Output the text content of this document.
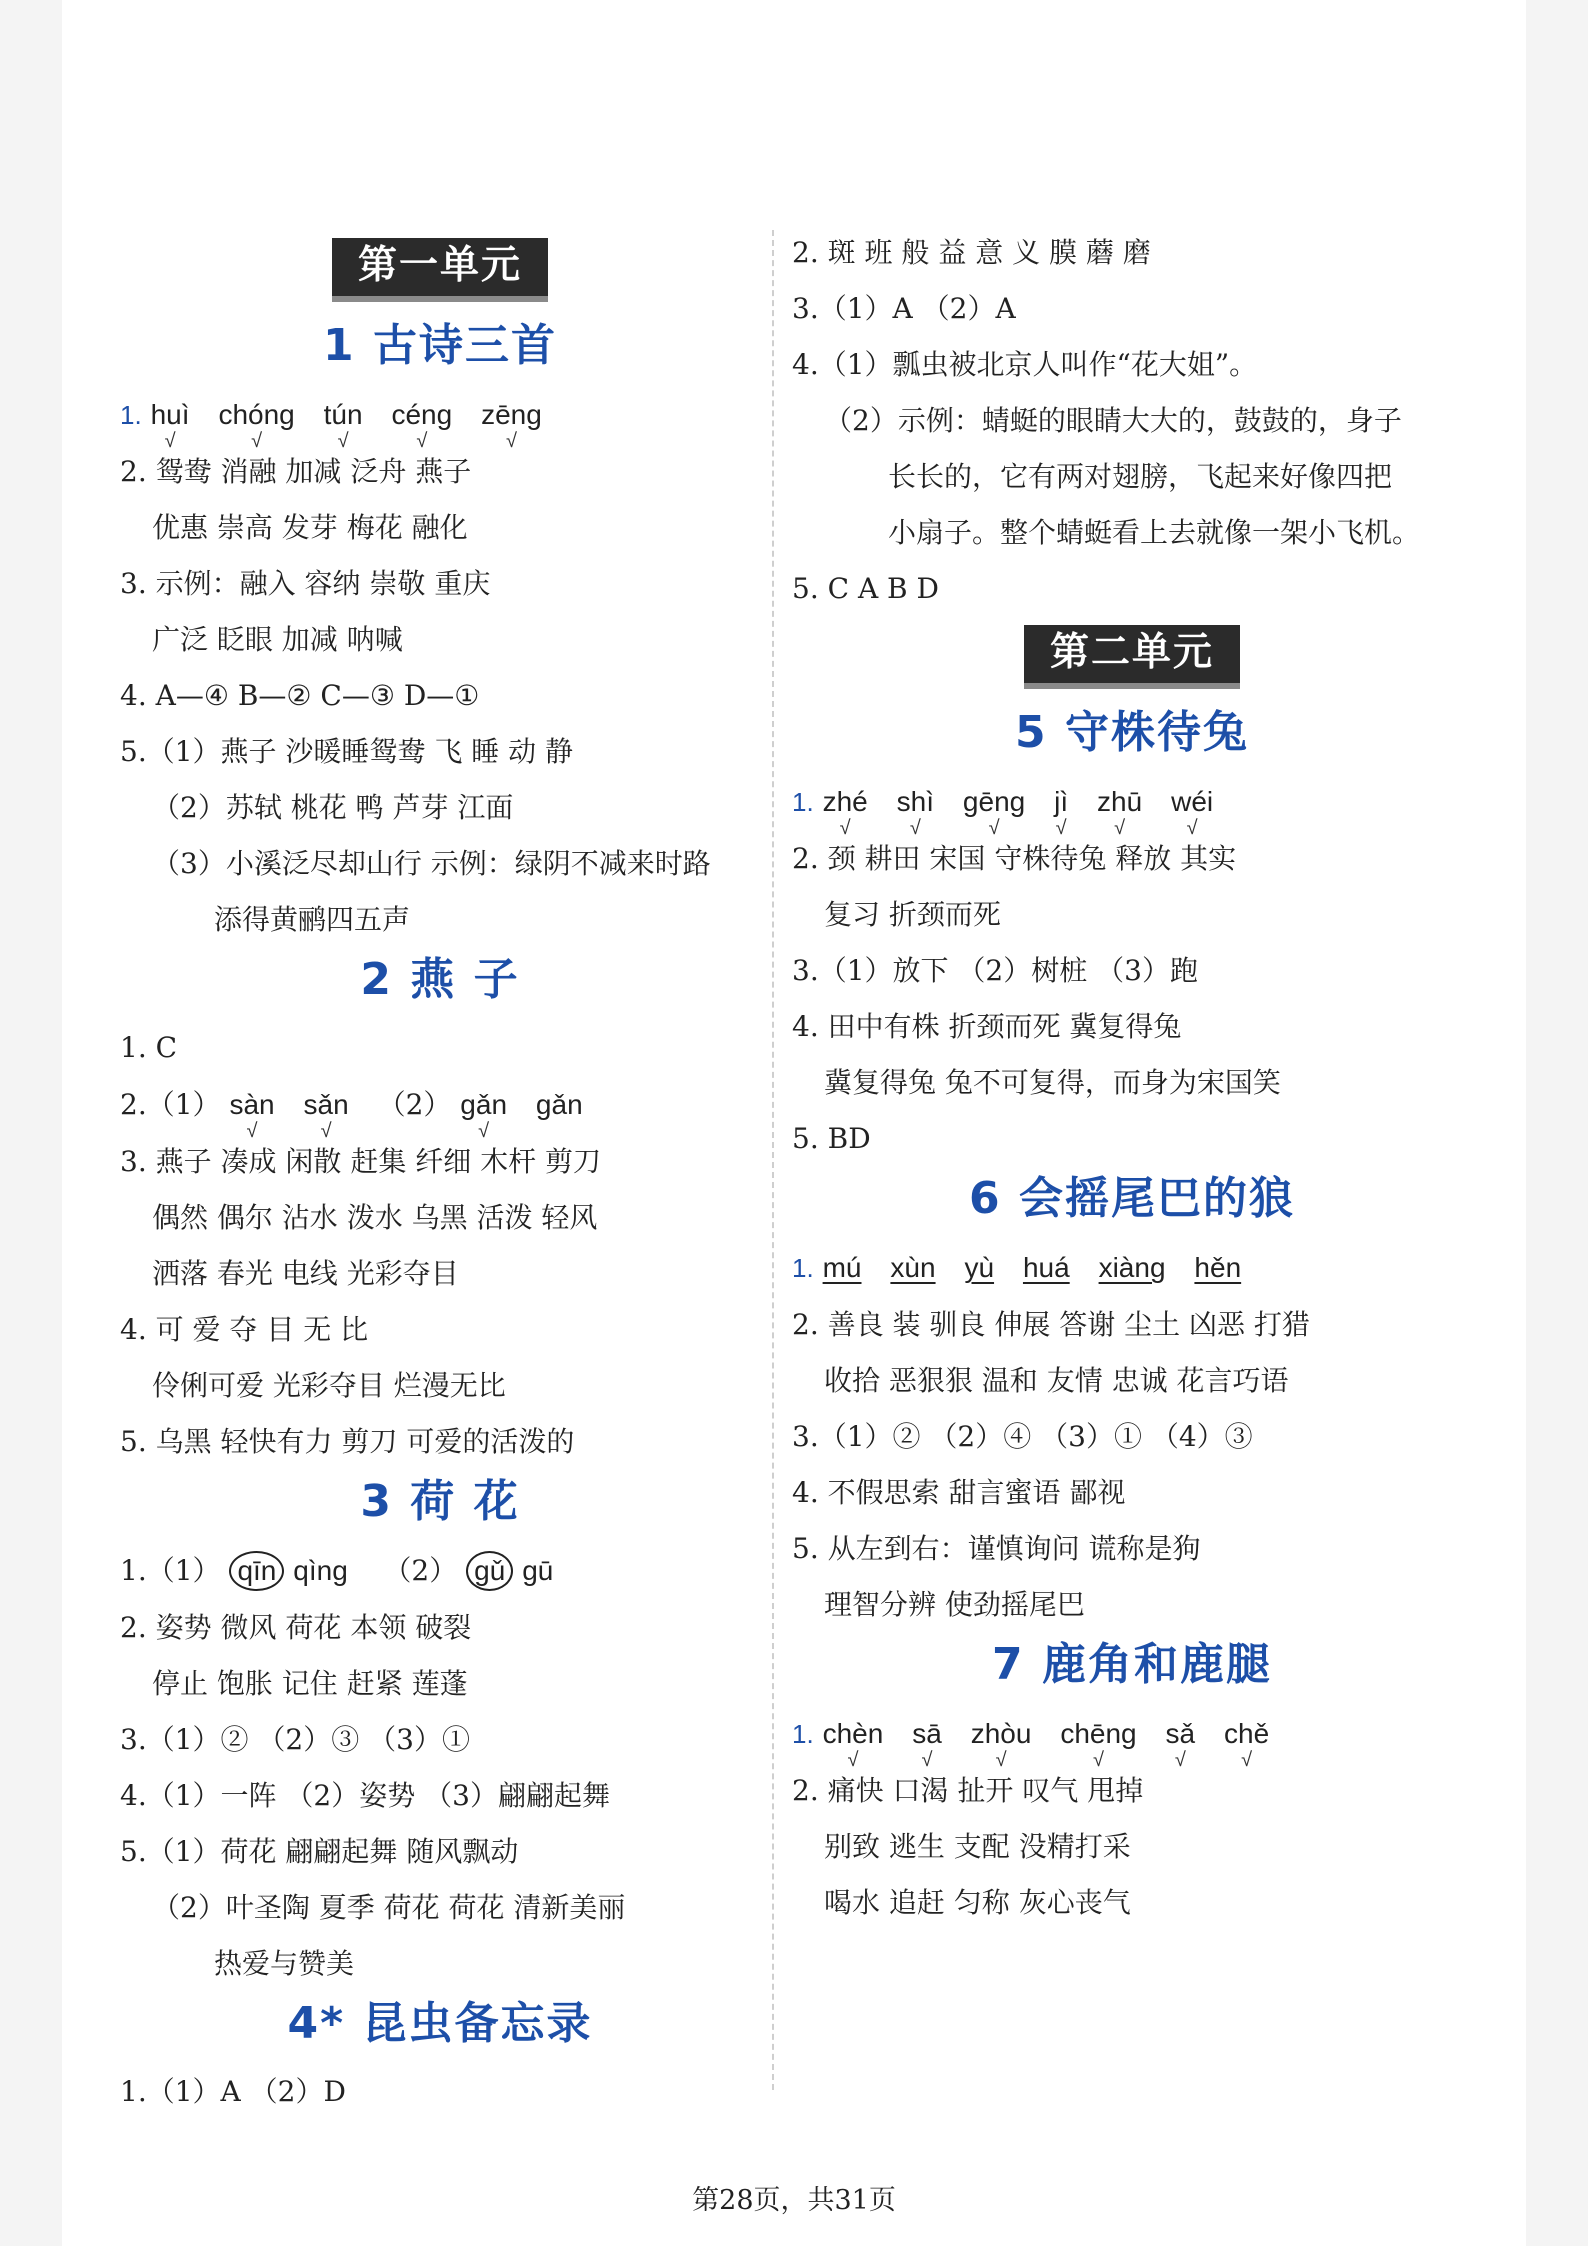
第一单元
1 古诗三首
1. huì
√
chóng
√
tún
√
céng
√
zēng
√
2. 鸳鸯 消融 加减 泛舟 燕子
优惠 崇高 发芽 梅花 融化
3. 示例：融入 容纳 崇敬 重庆
广泛 眨眼 加减 呐喊
4. A—④ B—② C—③ D—①
5.（1）燕子 沙暖睡鸳鸯 飞 睡 动 静
（2）苏轼 桃花 鸭 芦芽 江面
（3）小溪泛尽却山行 示例：绿阴不减来时路
添得黄鹂四五声
2 燕 子
1. C
2.（1） sàn
√
sǎn
√
（2） gǎn
√
gǎn
3. 燕子 凑成 闲散 赶集 纤细 木杆 剪刀
偶然 偶尔 沾水 泼水 乌黑 活泼 轻风
洒落 春光 电线 光彩夺目
4. 可 爱 夺 目 无 比
伶俐可爱 光彩夺目 烂漫无比
5. 乌黑 轻快有力 剪刀 可爱的活泼的
3 荷 花
1.（1） qīn qìng （2） gǔ gū
2. 姿势 微风 荷花 本领 破裂
停止 饱胀 记住 赶紧 莲蓬
3.（1）② （2）③ （3）①
4.（1）一阵 （2）姿势 （3）翩翩起舞
5.（1）荷花 翩翩起舞 随风飘动
（2）叶圣陶 夏季 荷花 荷花 清新美丽
热爱与赞美
4* 昆虫备忘录
1.（1）A （2）D
2. 斑 班 般 益 意 义 膜 蘑 磨
3.（1）A （2）A
4.（1）瓢虫被北京人叫作“花大姐”。
（2）示例：蜻蜓的眼睛大大的，鼓鼓的，身子
长长的，它有两对翅膀，飞起来好像四把
小扇子。整个蜻蜓看上去就像一架小飞机。
5. C A B D
第二单元
5 守株待兔
1. zhé
√
shì
√
gēng
√
jì
√
zhū
√
wéi
√
2. 颈 耕田 宋国 守株待兔 释放 其实
复习 折颈而死
3.（1）放下 （2）树桩 （3）跑
4. 田中有株 折颈而死 冀复得兔
冀复得兔 兔不可复得，而身为宋国笑
5. BD
6 会摇尾巴的狼
1. mú xùn yù huá xiàng hěn
2. 善良 装 驯良 伸展 答谢 尘土 凶恶 打猎
收拾 恶狠狠 温和 友情 忠诚 花言巧语
3.（1）② （2）④ （3）① （4）③
4. 不假思索 甜言蜜语 鄙视
5. 从左到右：谨慎询问 谎称是狗
理智分辨 使劲摇尾巴
7 鹿角和鹿腿
1. chèn
√
sā
√
zhòu
√
chēng
√
sǎ
√
chě
√
2. 痛快 口渴 扯开 叹气 甩掉
别致 逃生 支配 没精打采
喝水 追赶 匀称 灰心丧气
第28页，共31页
